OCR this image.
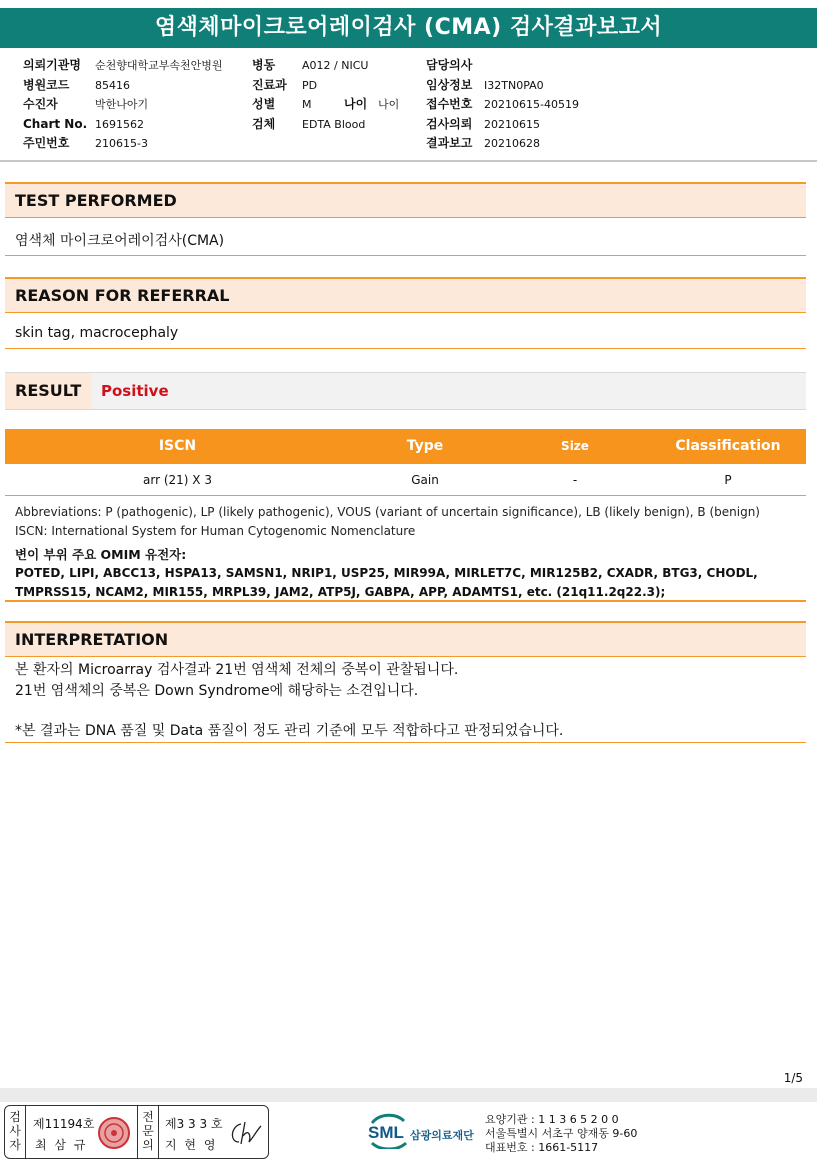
염색체마이크로어레이검사 (CMA) 검사결과보고서
의뢰기관명	순천향대학교부속천안병원	병동	A012 / NICU	담당의사
병원코드	85416	진료과	PD	임상정보	I32TN0PA0
수진자	박한나아기	성별	M	나이 나이	접수번호	20210615-40519
Chart No. 1691562	검체	EDTA Blood	검사의뢰	20210615
주민번호	210615-3	결과보고	20210628
TEST PERFORMED
염색체 마이크로어레이검사(CMA)
REASON FOR REFERRAL
skin tag, macrocephaly
RESULT	Positive
ISCN	Type	Size	Classification
arr (21) X 3	Gain	-	P
Abbreviations: P (pathogenic), LP (likely pathogenic), VOUS (variant of uncertain significance), LB (likely benign), B (benign)
ISCN: International System for Human Cytogenomic Nomenclature
변이 부위 주요 OMIM 유전자:
POTED, LIPI, ABCC13, HSPA13, SAMSN1, NRIP1, USP25, MIR99A, MIRLET7C, MIR125B2, CXADR, BTG3, CHODL, TMPRSS15, NCAM2, MIR155, MRPL39, JAM2, ATP5J, GABPA, APP, ADAMTS1, etc. (21q11.2q22.3);
INTERPRETATION
본 환자의 Microarray 검사결과 21번 염색체 전체의 중복이 관찰됩니다.
21번 염색체의 중복은 Down Syndrome에 해당하는 소견입니다.
*본 결과는 DNA 품질 및 Data 품질이 정도 관리 기준에 모두 적합하다고 판정되었습니다.
1/5
검
사
자
제11194호
최 삼 규
전
문
의
제3 3 3 호
지 현 영
SML 삼광의료재단
요양기관 : 1 1 3 6 5 2 0 0
서울특별시 서초구 양재동 9-60
대표번호 : 1661-5117
